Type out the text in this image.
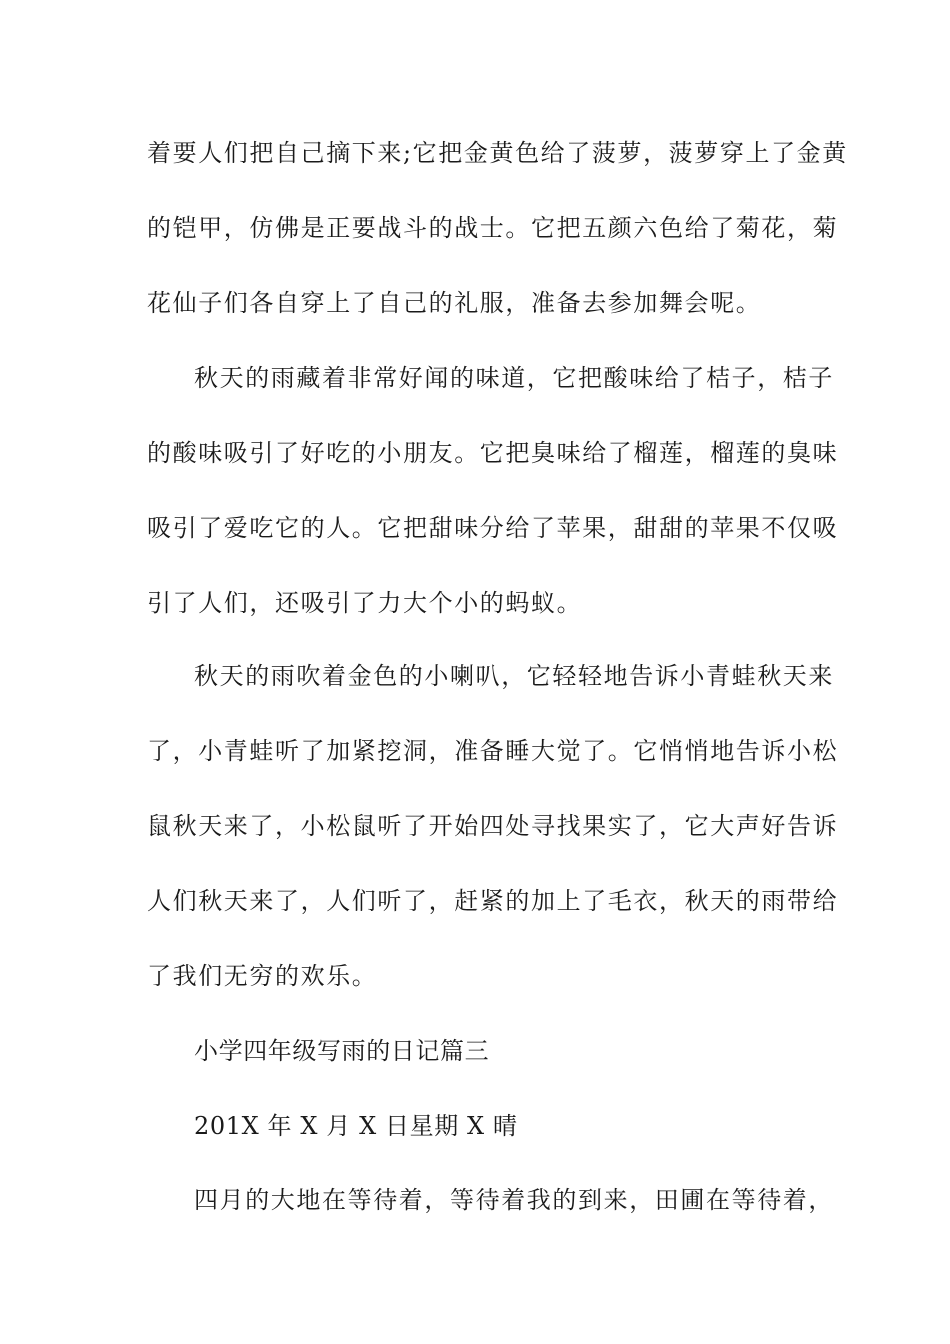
着要人们把自己摘下来;它把金黄色给了菠萝，菠萝穿上了金黄
的铠甲，仿佛是正要战斗的战士。它把五颜六色给了菊花，菊
花仙子们各自穿上了自己的礼服，准备去参加舞会呢。
秋天的雨藏着非常好闻的味道，它把酸味给了桔子，桔子
的酸味吸引了好吃的小朋友。它把臭味给了榴莲，榴莲的臭味
吸引了爱吃它的人。它把甜味分给了苹果，甜甜的苹果不仅吸
引了人们，还吸引了力大个小的蚂蚁。
秋天的雨吹着金色的小喇叭，它轻轻地告诉小青蛙秋天来
了，小青蛙听了加紧挖洞，准备睡大觉了。它悄悄地告诉小松
鼠秋天来了，小松鼠听了开始四处寻找果实了，它大声好告诉
人们秋天来了，人们听了，赶紧的加上了毛衣，秋天的雨带给
了我们无穷的欢乐。
小学四年级写雨的日记篇三
201X 年 X 月 X 日星期 X 晴
四月的大地在等待着，等待着我的到来，田圃在等待着，
